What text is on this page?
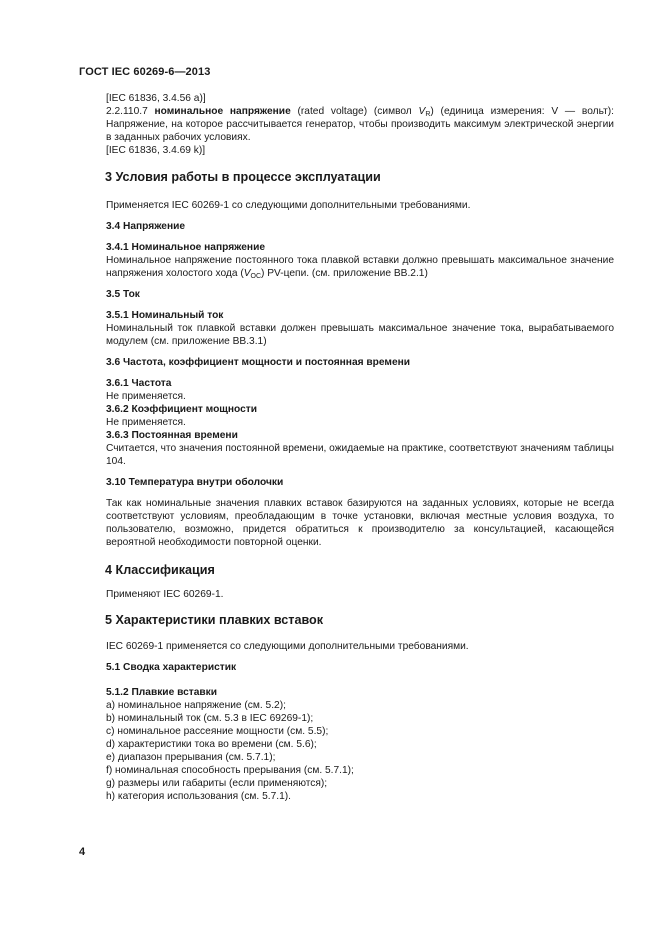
ГОСТ IEC 60269-6—2013

[IEC 61836, 3.4.56 a)]

2.2.110.7 номинальное напряжение (rated voltage) (символ $V_R$) (единица измерения: V — вольт): Напряжение, на которое рассчитывается генератор, чтобы производить максимум электрической энергии в заданных рабочих условиях.

[IEC 61836, 3.4.69 k)]

3 Условия работы в процессе эксплуатации

Применяется IEC 60269-1 со следующими дополнительными требованиями.

3.4 Напряжение

3.4.1 Номинальное напряжение

Номинальное напряжение постоянного тока плавкой вставки должно превышать максимальное значение напряжения холостого хода $(V_{OC})$ PV-цепи. (см. приложение BB.2.1)

3.5 Ток

3.5.1 Номинальный ток

Номинальный ток плавкой вставки должен превышать максимальное значение тока, вырабатываемого модулем (см. приложение BB.3.1)

3.6 Частота, коэффициент мощности и постоянная времени

3.6.1 Частота

Не применяется.

3.6.2 Коэффициент мощности

Не применяется.

3.6.3 Постоянная времени

Считается, что значения постоянной времени, ожидаемые на практике, соответствуют значениям таблицы 104.

3.10 Температура внутри оболочки

Так как номинальные значения плавких вставок базируются на заданных условиях, которые не всегда соответствуют условиям, преобладающим в точке установки, включая местные условия воздуха, то пользователю, возможно, придется обратиться к производителю за консультацией, касающейся вероятной необходимости повторной оценки.

4 Классификация

Применяют IEC 60269-1.

5 Характеристики плавких вставок

IEC 60269-1 применяется со следующими дополнительными требованиями.

5.1 Сводка характеристик

5.1.2 Плавкие вставки

a) номинальное напряжение (см. 5.2);

b) номинальный ток (см. 5.3 в IEC 69269-1);

c) номинальное рассеяние мощности (см. 5.5);

d) характеристики тока во времени (см. 5.6);

e) диапазон прерывания (см. 5.7.1);

f) номинальная способность прерывания (см. 5.7.1);

g) размеры или габариты (если применяются);

h) категория использования (см. 5.7.1).

4
